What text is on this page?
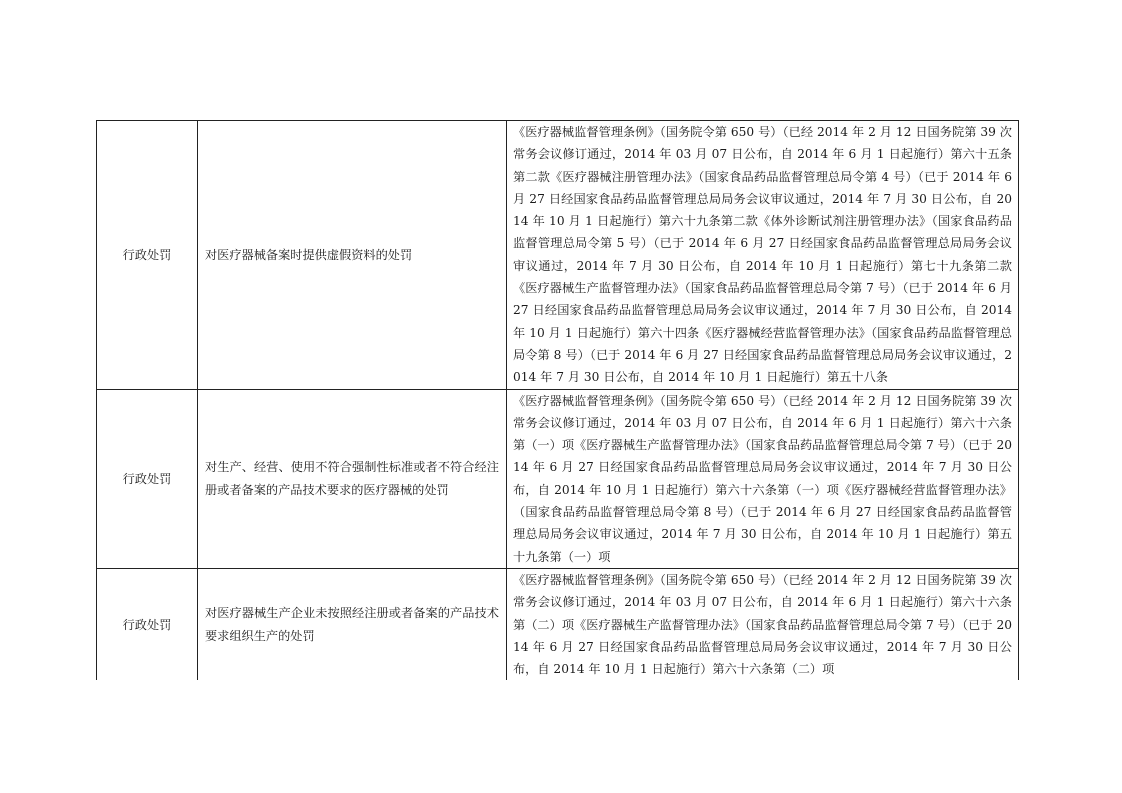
行政处罚	对医疗器械备案时提供虚假资料的处罚	《医疗器械监督管理条例》（国务院令第 650 号）（已经 2014 年 2 月 12 日国务院第 39 次常务会议修订通过，2014 年 03 月 07 日公布，自 2014 年 6 月 1 日起施行）第六十五条第二款《医疗器械注册管理办法》（国家食品药品监督管理总局令第 4 号）（已于 2014 年 6 月 27 日经国家食品药品监督管理总局局务会议审议通过，2014 年 7 月 30 日公布，自 2014 年 10 月 1 日起施行）第六十九条第二款《体外诊断试剂注册管理办法》（国家食品药品监督管理总局令第 5 号）（已于 2014 年 6 月 27 日经国家食品药品监督管理总局局务会议审议通过，2014 年 7 月 30 日公布，自 2014 年 10 月 1 日起施行）第七十九条第二款《医疗器械生产监督管理办法》（国家食品药品监督管理总局令第 7 号）（已于 2014 年 6 月 27 日经国家食品药品监督管理总局局务会议审议通过，2014 年 7 月 30 日公布，自 2014 年 10 月 1 日起施行）第六十四条《医疗器械经营监督管理办法》（国家食品药品监督管理总局令第 8 号）（已于 2014 年 6 月 27 日经国家食品药品监督管理总局局务会议审议通过，2014 年 7 月 30 日公布，自 2014 年 10 月 1 日起施行）第五十八条
行政处罚	对生产、经营、使用不符合强制性标准或者不符合经注册或者备案的产品技术要求的医疗器械的处罚	《医疗器械监督管理条例》（国务院令第 650 号）（已经 2014 年 2 月 12 日国务院第 39 次常务会议修订通过，2014 年 03 月 07 日公布，自 2014 年 6 月 1 日起施行）第六十六条第（一）项《医疗器械生产监督管理办法》（国家食品药品监督管理总局令第 7 号）（已于 2014 年 6 月 27 日经国家食品药品监督管理总局局务会议审议通过，2014 年 7 月 30 日公布，自 2014 年 10 月 1 日起施行）第六十六条第（一）项《医疗器械经营监督管理办法》（国家食品药品监督管理总局令第 8 号）（已于 2014 年 6 月 27 日经国家食品药品监督管理总局局务会议审议通过，2014 年 7 月 30 日公布，自 2014 年 10 月 1 日起施行）第五十九条第（一）项
行政处罚	对医疗器械生产企业未按照经注册或者备案的产品技术要求组织生产的处罚	《医疗器械监督管理条例》（国务院令第 650 号）（已经 2014 年 2 月 12 日国务院第 39 次常务会议修订通过，2014 年 03 月 07 日公布，自 2014 年 6 月 1 日起施行）第六十六条第（二）项《医疗器械生产监督管理办法》（国家食品药品监督管理总局令第 7 号）（已于 2014 年 6 月 27 日经国家食品药品监督管理总局局务会议审议通过，2014 年 7 月 30 日公布，自 2014 年 10 月 1 日起施行）第六十六条第（二）项
